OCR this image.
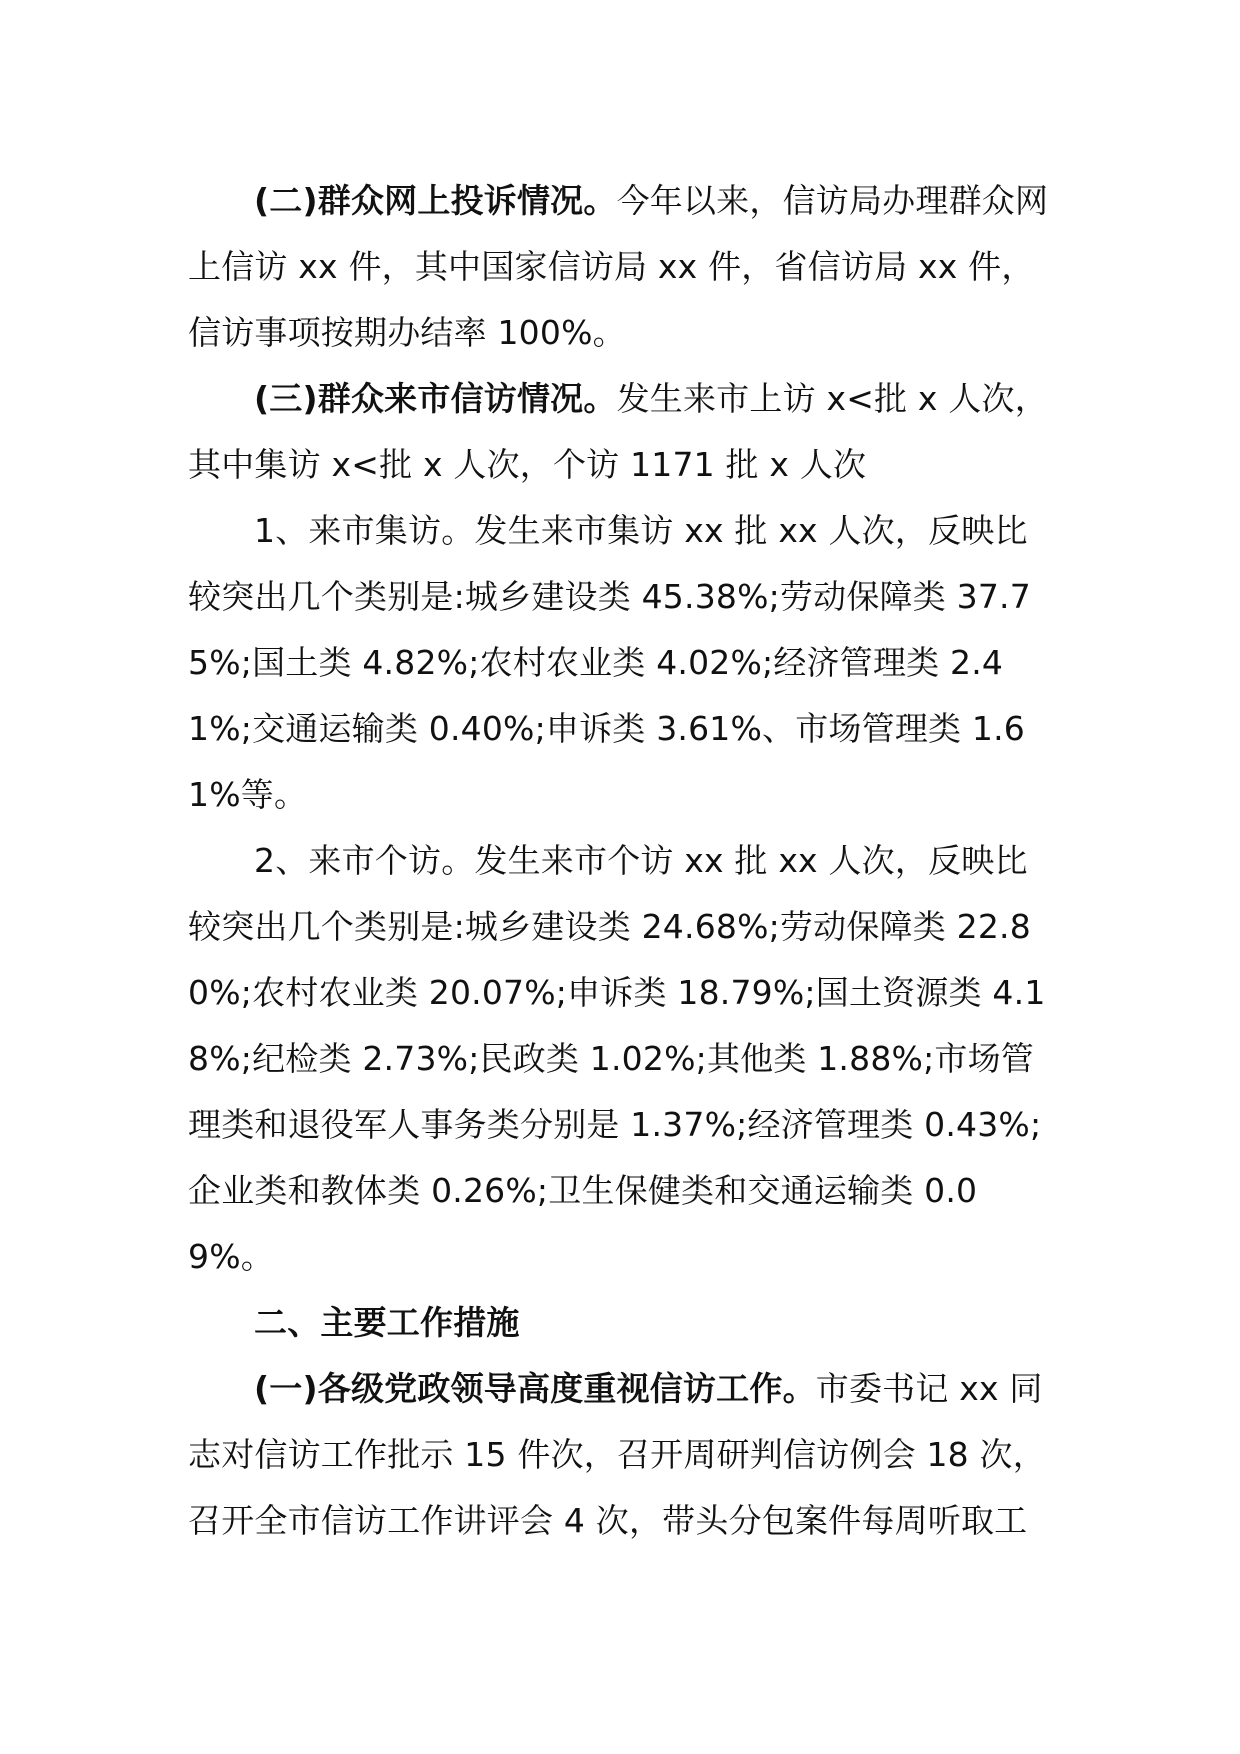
(二)群众网上投诉情况。今年以来，信访局办理群众网上信访 xx 件，其中国家信访局 xx 件，省信访局 xx 件，信访事项按期办结率 100%。

(三)群众来市信访情况。发生来市上访 x<批 x 人次，其中集访 x<批 x 人次，个访 1171 批 x 人次

1、来市集访。发生来市集访 xx 批 xx 人次，反映比较突出几个类别是:城乡建设类 45.38%;劳动保障类 37.75%;国土类 4.82%;农村农业类 4.02%;经济管理类 2.41%;交通运输类 0.40%;申诉类 3.61%、市场管理类 1.61%等。

2、来市个访。发生来市个访 xx 批 xx 人次，反映比较突出几个类别是:城乡建设类 24.68%;劳动保障类 22.80%;农村农业类 20.07%;申诉类 18.79%;国土资源类 4.18%;纪检类 2.73%;民政类 1.02%;其他类 1.88%;市场管理类和退役军人事务类分别是 1.37%;经济管理类 0.43%;企业类和教体类 0.26%;卫生保健类和交通运输类 0.09%。

二、主要工作措施

(一)各级党政领导高度重视信访工作。市委书记 xx 同志对信访工作批示 15 件次，召开周研判信访例会 18 次，召开全市信访工作讲评会 4 次，带头分包案件每周听取工
